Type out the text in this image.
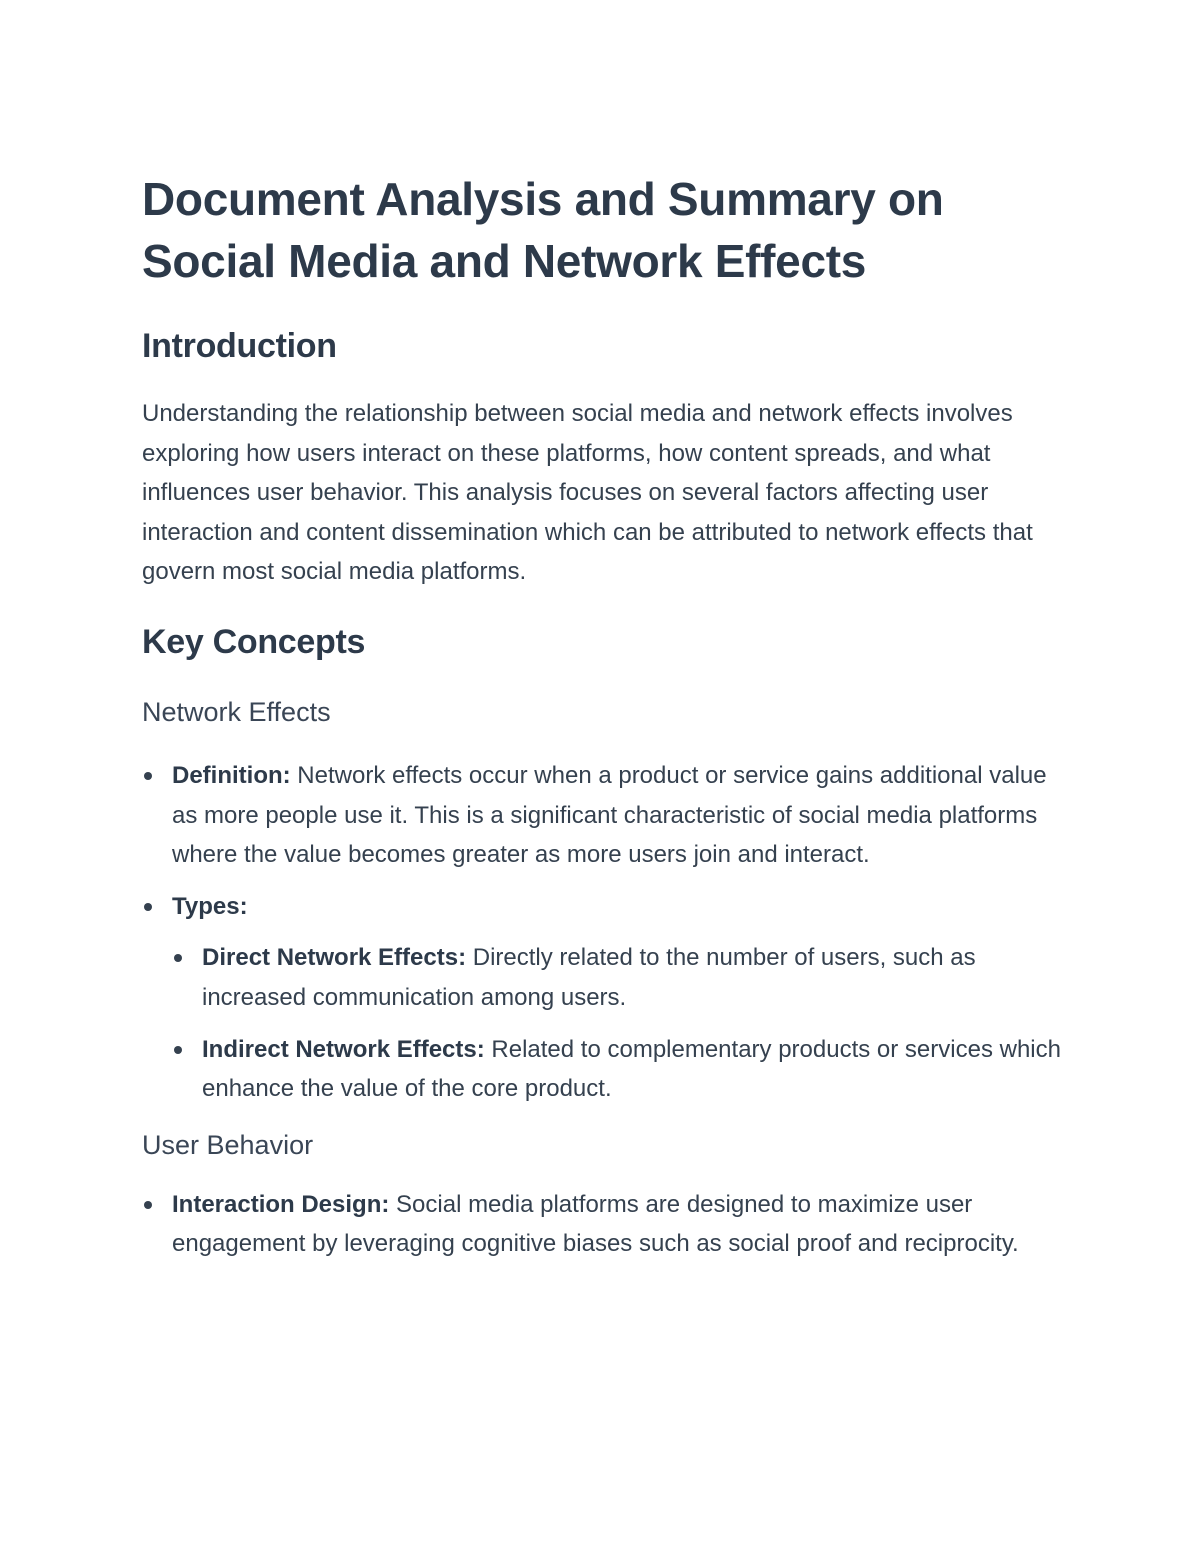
Document Analysis and Summary on
Social Media and Network Effects
Introduction

Understanding the relationship between social media and network effects involves exploring how users interact on these platforms, how content spreads, and what influences user behavior. This analysis focuses on several factors affecting user interaction and content dissemination which can be attributed to network effects that govern most social media platforms.

Key Concepts
Network Effects
Definition: Network effects occur when a product or service gains additional value as more people use it. This is a significant characteristic of social media platforms where the value becomes greater as more users join and interact.
Types:
Direct Network Effects: Directly related to the number of users, such as increased communication among users.
Indirect Network Effects: Related to complementary products or services which enhance the value of the core product.
User Behavior
Interaction Design: Social media platforms are designed to maximize user engagement by leveraging cognitive biases such as social proof and reciprocity.
